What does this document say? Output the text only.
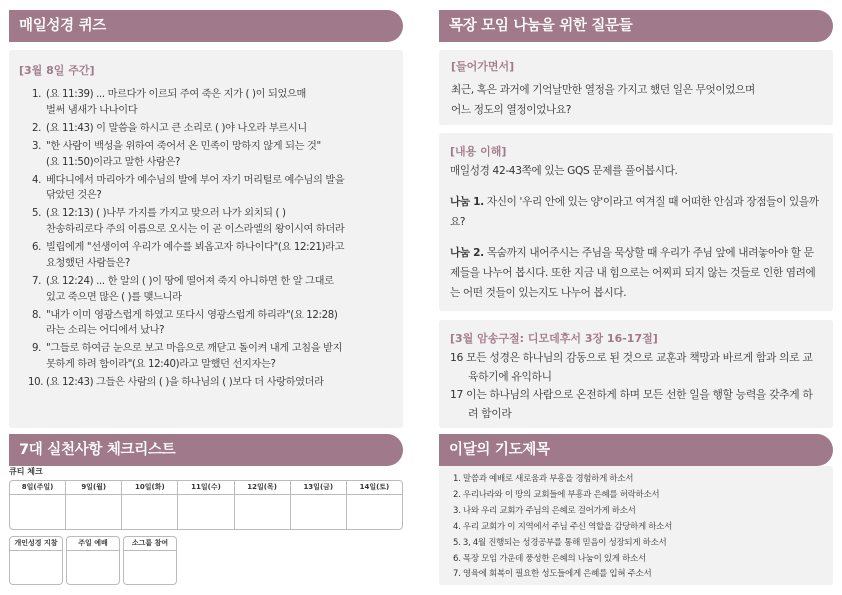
매일성경 퀴즈	목장 모임 나눔을 위한 질문들
7대 실천사항 체크리스트	이달의 기도제목
[3월 8일 주간]
1. (요 11:39) ... 마르다가 이르되 주여 죽은 지가 ( )이 되었으매
벌써 냄새가 나나이다
2. (요 11:43) 이 말씀을 하시고 큰 소리로 ( )야 나오라 부르시니
3. "한 사람이 백성을 위하여 죽어서 온 민족이 망하지 않게 되는 것"
(요 11:50)이라고 말한 사람은?
4. 베다니에서 마리아가 예수님의 발에 부어 자기 머리털로 예수님의 발을
닦았던 것은?
5. (요 12:13) ( )나무 가지를 가지고 맞으러 나가 외치되 ( )
찬송하리로다 주의 이름으로 오시는 이 곧 이스라엘의 왕이시여 하더라
6. 빌립에게 "선생이여 우리가 예수를 뵈옵고자 하나이다"(요 12:21)라고
요청했던 사람들은?
7. (요 12:24) ... 한 알의 ( )이 땅에 떨어져 죽지 아니하면 한 알 그대로
있고 죽으면 많은 ( )를 맺느니라
8. "내가 이미 영광스럽게 하였고 또다시 영광스럽게 하리라"(요 12:28)
라는 소리는 어디에서 났나?
9. "그들로 하여금 눈으로 보고 마음으로 깨닫고 돌이켜 내게 고침을 받지
못하게 하려 함이라"(요 12:40)라고 말했던 선지자는?
10. (요 12:43) 그들은 사람의 ( )을 하나님의 ( )보다 더 사랑하였더라
[들어가면서]
최근, 혹은 과거에 기억날만한 열정을 가지고 했던 일은 무엇이었으며
어느 정도의 열정이었나요?
[내용 이해]
매일성경 42-43쪽에 있는 GQS 문제를 풀어봅시다.
나눔 1. 자신이 '우리 안에 있는 양'이라고 여겨질 때 어떠한 안심과 장점들이 있을까요?
나눔 2. 목숨까지 내어주시는 주님을 묵상할 때 우리가 주님 앞에 내려놓아야 할 문제들을 나누어 봅시다. 또한 지금 내 힘으로는 어찌피 되지 않는 것들로 인한 염려에는 어떤 것들이 있는지도 나누어 봅시다.
[3월 암송구절: 디모데후서 3장 16-17절]
16 모든 성경은 하나님의 감동으로 된 것으로 교훈과 책망과 바르게 함과 의로 교육하기에 유익하니
17 이는 하나님의 사람으로 온전하게 하며 모든 선한 일을 행할 능력을 갖추게 하려 함이라
큐티 체크
8일(주일)	9일(월)	10일(화)	11일(수)	12일(목)	13일(금)	14일(토)
개인성경 지참	주일 예배	소그룹 참여
1. 말씀과 예배로 새로움과 부흥을 경험하게 하소서
2. 우리나라와 이 땅의 교회들에 부흥과 은혜를 허락하소서
3. 나와 우리 교회가 주님의 은혜로 걸어가게 하소서
4. 우리 교회가 이 지역에서 주님 주신 역할을 감당하게 하소서
5. 3, 4월 진행되는 성경공부를 통해 믿음이 성장되게 하소서
6. 목장 모임 가운데 풍성한 은혜의 나눔이 있게 하소서
7. 영육에 회복이 필요한 성도들에게 은혜를 입혀 주소서
